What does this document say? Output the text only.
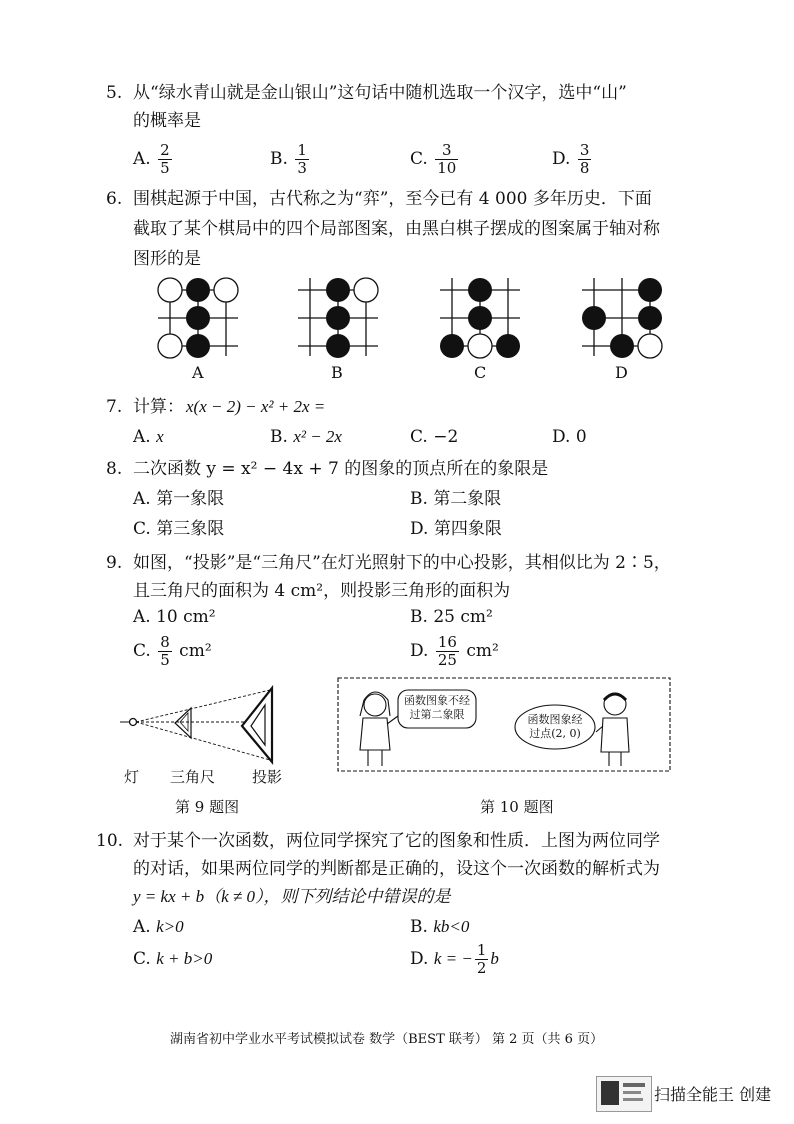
5. 从“绿水青山就是金山银山”这句话中随机选取一个汉字，选中“山”
的概率是
A. $\frac{2}{5}$	B. $\frac{1}{3}$	C. $\frac{3}{10}$	D. $\frac{3}{8}$
6. 围棋起源于中国，古代称之为“弈”，至今已有 4 000 多年历史．下面
截取了某个棋局中的四个局部图案，由黑白棋子摆成的图案属于轴对称
图形的是
A	B	C	D
7. 计算： x(x − 2) − x² + 2x =
A. x	B. x² − 2x	C. −2	D. 0
8. 二次函数 y = x² − 4x + 7 的图象的顶点所在的象限是
A. 第一象限	B. 第二象限
C. 第三象限	D. 第四象限
9. 如图，“投影”是“三角尺”在灯光照射下的中心投影，其相似比为 2∶5，
且三角尺的面积为 4 cm²，则投影三角形的面积为
A. 10 cm²	B. 25 cm²
C. $\frac{8}{5} cm^2$	D. $\frac{16}{25} cm^2$
灯 三角尺 投影
第 9 题图
函数图象不经
过第二象限	函数图象经
过点(2, 0)
第 10 题图
10. 对于某个一次函数，两位同学探究了它的图象和性质．上图为两位同学
的对话，如果两位同学的判断都是正确的，设这个一次函数的解析式为
y = kx + b（k ≠ 0），则下列结论中错误的是
A. k>0	B. kb<0
C. k + b>0	D. k = − $\frac{1}{2}$ b
湖南省初中学业水平考试模拟试卷 数学（BEST 联考） 第 2 页（共 6 页）
扫描全能王 创建
